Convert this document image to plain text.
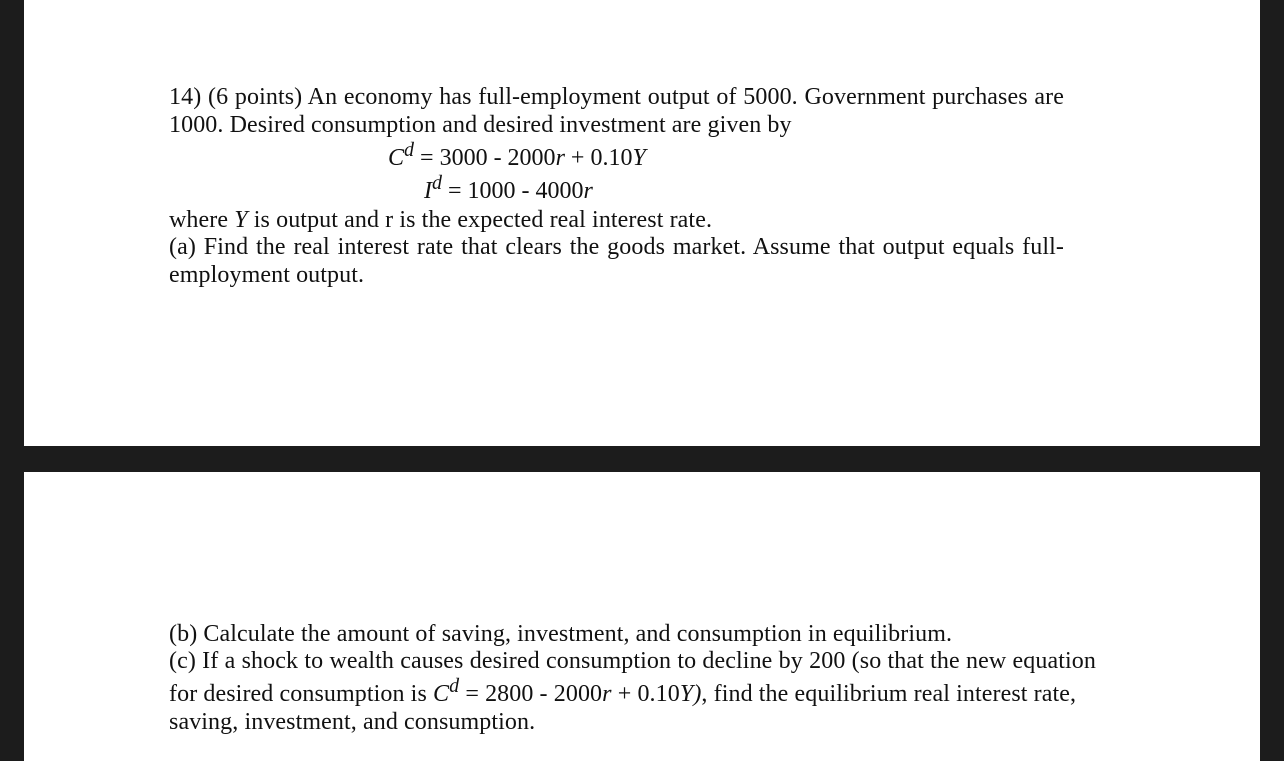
14) (6 points) An economy has full-employment output of 5000. Government purchases are
1000. Desired consumption and desired investment are given by
$C^d = 3000 - 2000r + 0.10Y$
$I^d = 1000 - 4000r$
where Y is output and r is the expected real interest rate.
(a) Find the real interest rate that clears the goods market. Assume that output equals full-
employment output.
(b) Calculate the amount of saving, investment, and consumption in equilibrium.
(c) If a shock to wealth causes desired consumption to decline by 200 (so that the new equation
for desired consumption is $C^d = 2800 - 2000r + 0.10Y$), find the equilibrium real interest rate,
saving, investment, and consumption.
